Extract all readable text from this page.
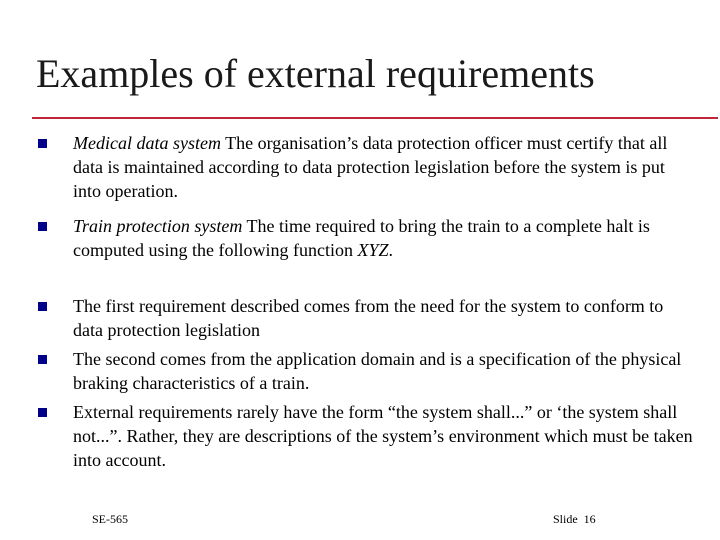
Examples of external requirements
Medical data system The organisation’s data protection officer must certify that all data is maintained according to data protection legislation before the system is put into operation.
Train protection system The time required to bring the train to a complete halt is computed using the following function XYZ.
The first requirement described comes from the need for the system to conform to data protection legislation
The second comes from the application domain and is a specification of the physical braking characteristics of a train.
External requirements rarely have the form “the system shall...” or ‘the system shall not...”. Rather, they are descriptions of the system’s environment which must be taken into account.
SE-565	Slide  16
